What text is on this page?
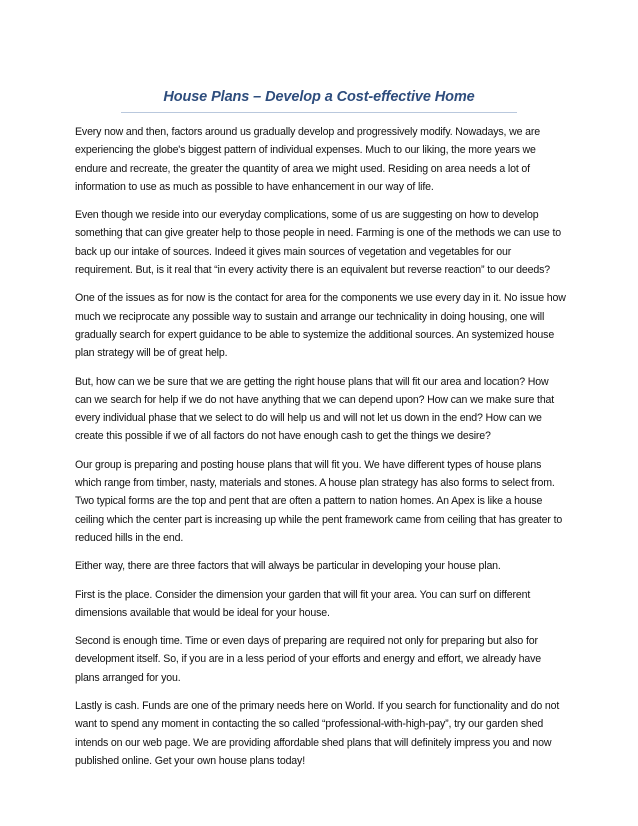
House Plans – Develop a Cost-effective Home

Every now and then, factors around us gradually develop and progressively modify. Nowadays, we are experiencing the globe's biggest pattern of individual expenses. Much to our liking, the more years we endure and recreate, the greater the quantity of area we might used. Residing on area needs a lot of information to use as much as possible to have enhancement in our way of life.

Even though we reside into our everyday complications, some of us are suggesting on how to develop something that can give greater help to those people in need. Farming is one of the methods we can use to back up our intake of sources. Indeed it gives main sources of vegetation and vegetables for our requirement. But, is it real that “in every activity there is an equivalent but reverse reaction” to our deeds?

One of the issues as for now is the contact for area for the components we use every day in it. No issue how much we reciprocate any possible way to sustain and arrange our technicality in doing housing, one will gradually search for expert guidance to be able to systemize the additional sources. An systemized house plan strategy will be of great help.

But, how can we be sure that we are getting the right house plans that will fit our area and location? How can we search for help if we do not have anything that we can depend upon? How can we make sure that every individual phase that we select to do will help us and will not let us down in the end? How can we create this possible if we of all factors do not have enough cash to get the things we desire?

Our group is preparing and posting house plans that will fit you. We have different types of house plans which range from timber, nasty, materials and stones. A house plan strategy has also forms to select from. Two typical forms are the top and pent that are often a pattern to nation homes. An Apex is like a house ceiling which the center part is increasing up while the pent framework came from ceiling that has greater to reduced hills in the end.

Either way, there are three factors that will always be particular in developing your house plan.

First is the place. Consider the dimension your garden that will fit your area. You can surf on different dimensions available that would be ideal for your house.

Second is enough time. Time or even days of preparing are required not only for preparing but also for development itself. So, if you are in a less period of your efforts and energy and effort, we already have plans arranged for you.

Lastly is cash. Funds are one of the primary needs here on World. If you search for functionality and do not want to spend any moment in contacting the so called “professional-with-high-pay”, try our garden shed intends on our web page. We are providing affordable shed plans that will definitely impress you and now published online. Get your own house plans today!
